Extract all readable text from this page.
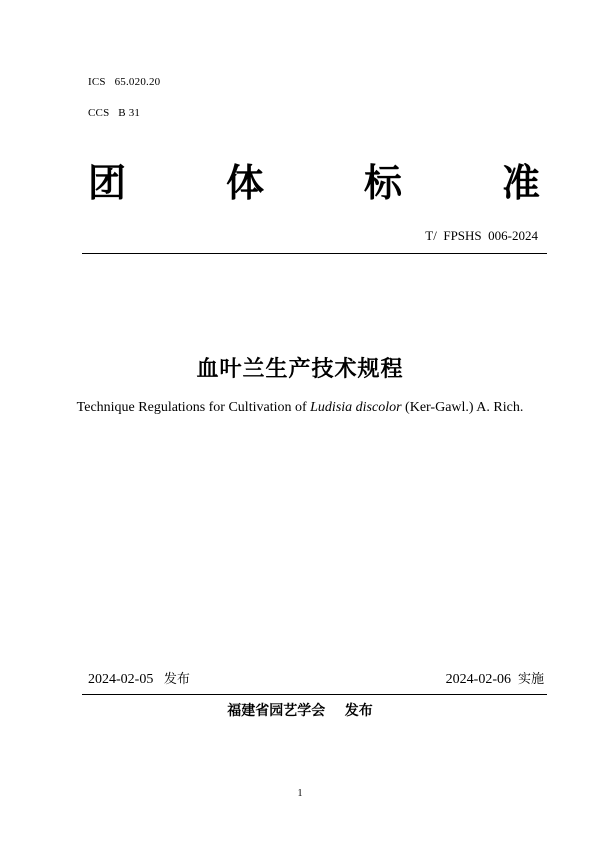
ICS   65.020.20
CCS   B 31
团	体	标	准
T/  FPSHS  006-2024
血叶兰生产技术规程
Technique Regulations for Cultivation of Ludisia discolor (Ker-Gawl.) A. Rich.
2024-02-05 发布	2024-02-06 实施
福建省园艺学会 发布
1
